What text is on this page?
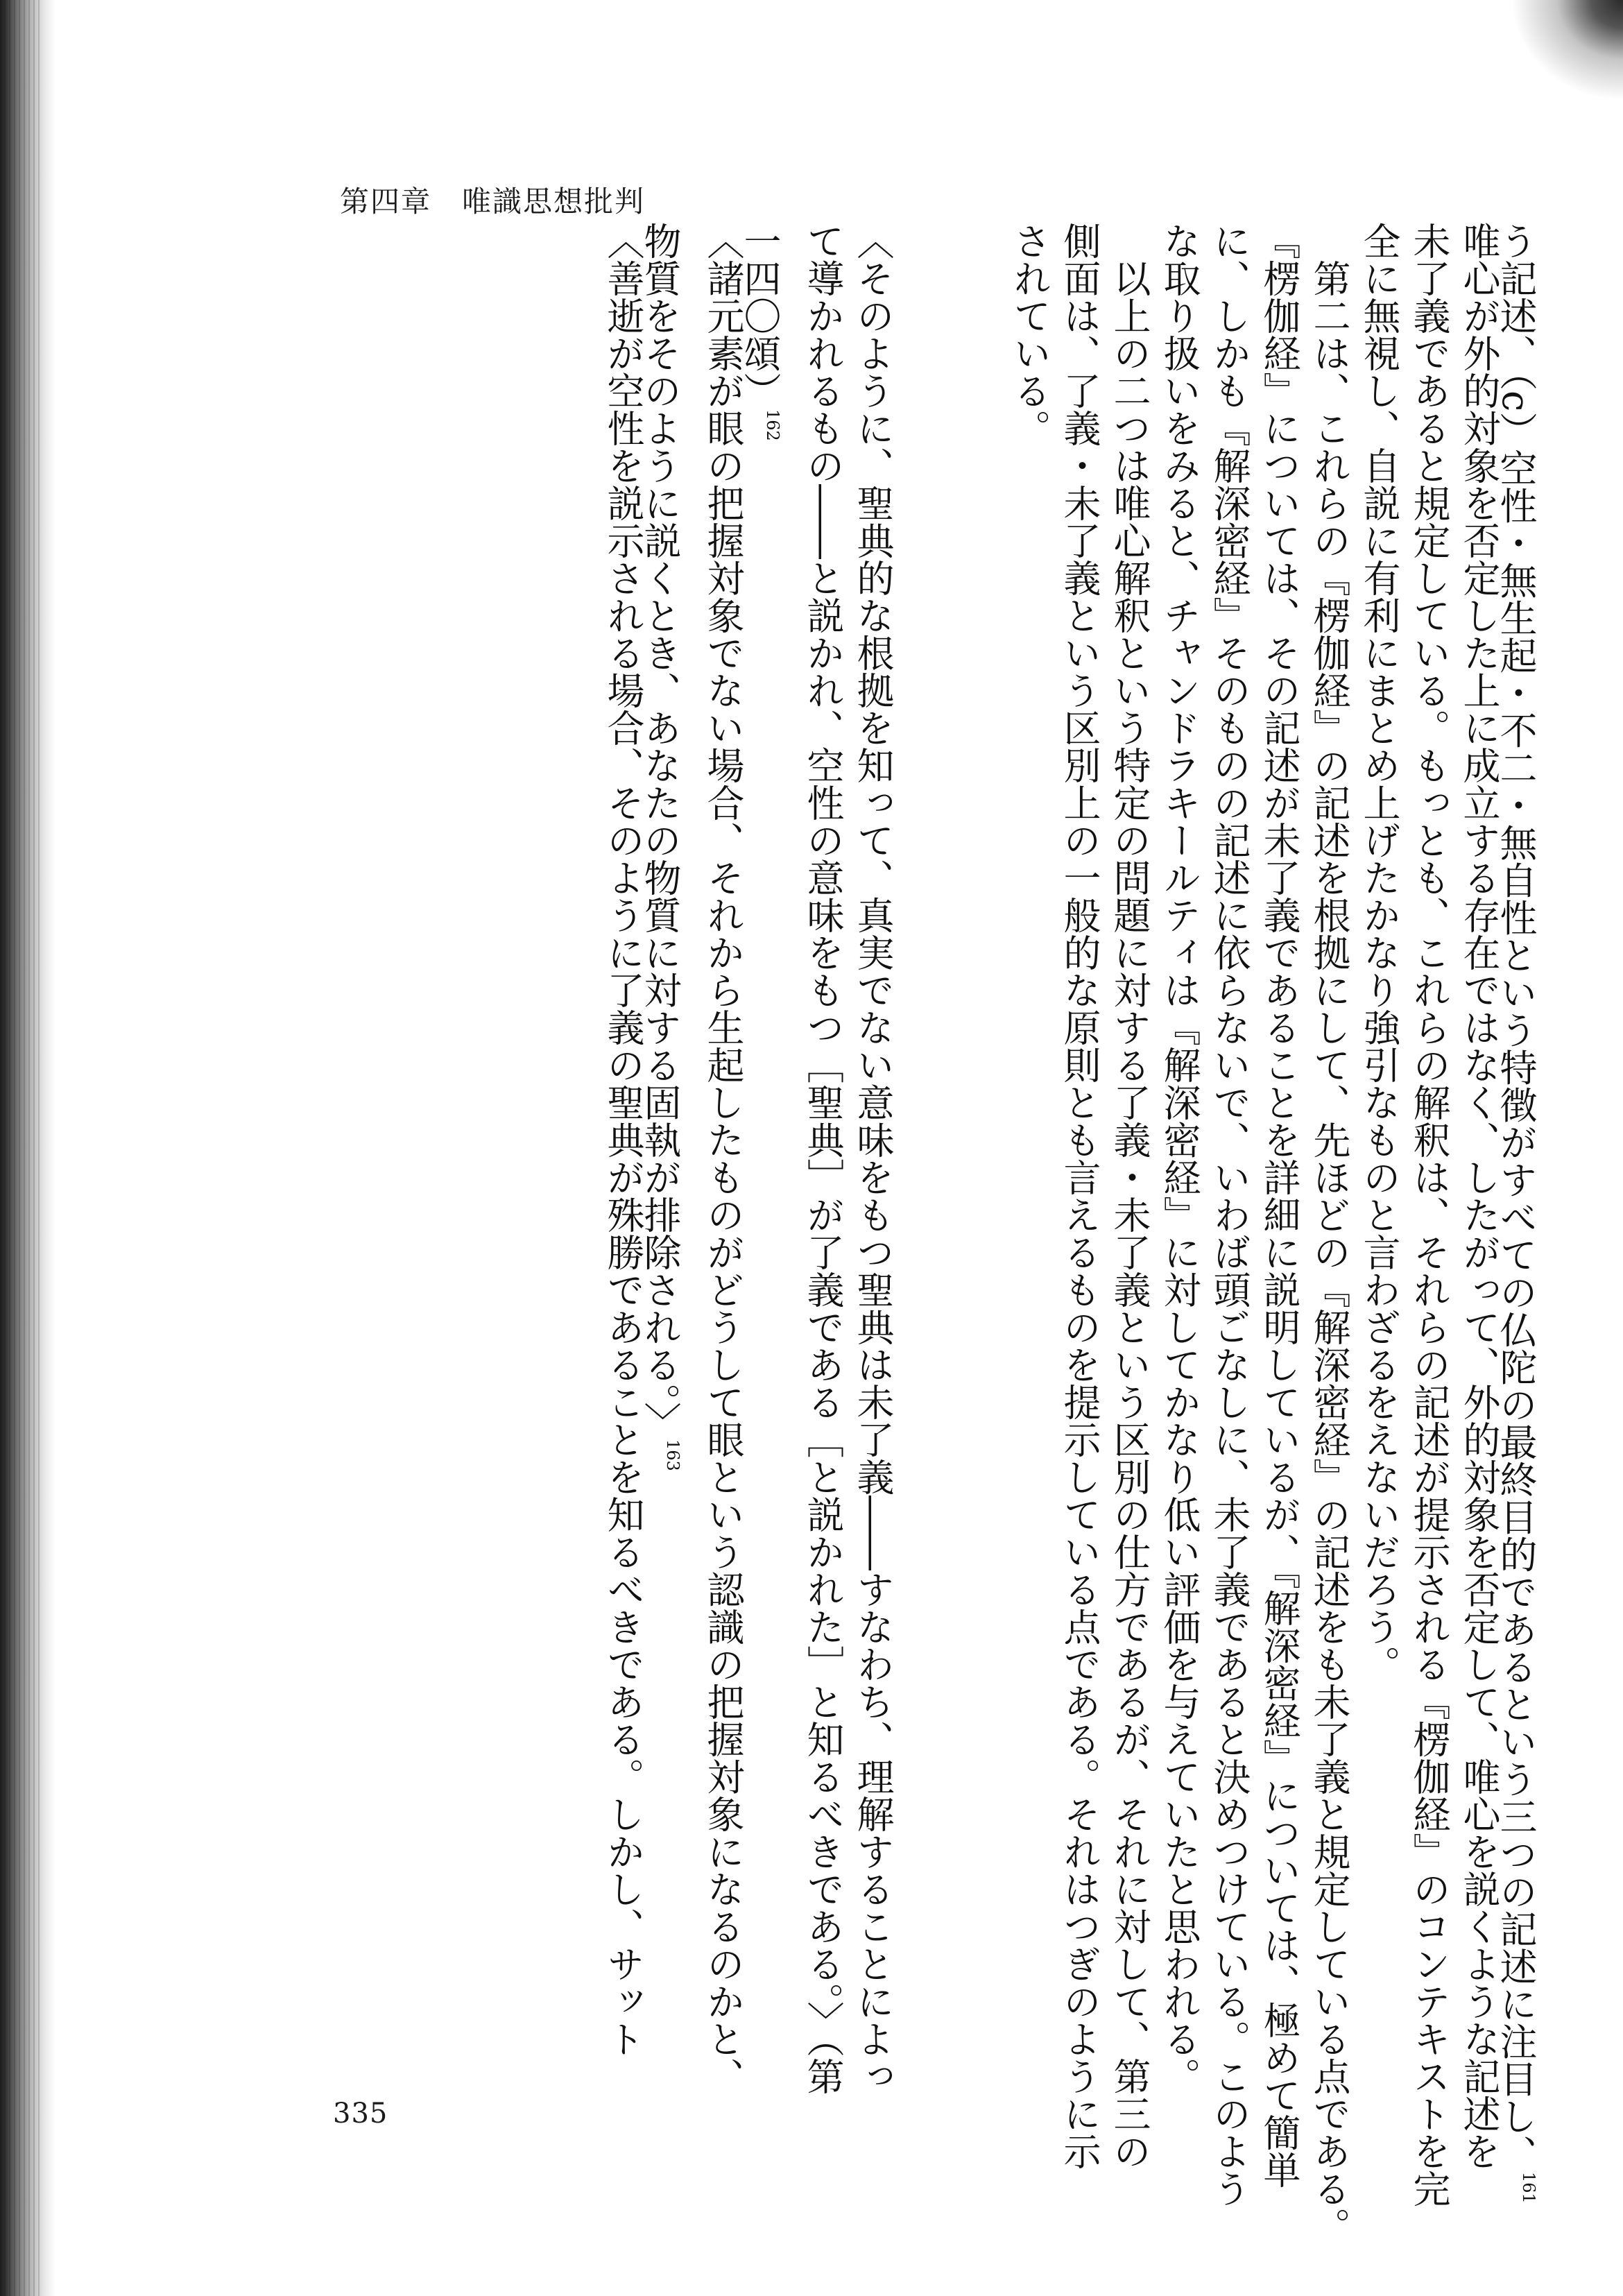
第四章　唯識思想批判
う記述、（c）空性・無生起・不二・無自性という特徴がすべての仏陀の最終目的であるという三つの記述に注目し、$^{161}$
唯心が外的対象を否定した上に成立する存在ではなく、したがって、外的対象を否定して、唯心を説くような記述を
未了義であると規定している。もっとも、これらの解釈は、それらの記述が提示される『楞伽経』のコンテキストを完
全に無視し、自説に有利にまとめ上げたかなり強引なものと言わざるをえないだろう。
　第二は、これらの『楞伽経』の記述を根拠にして、先ほどの『解深密経』の記述をも未了義と規定している点である。
『楞伽経』については、その記述が未了義であることを詳細に説明しているが、『解深密経』については、極めて簡単
に、しかも『解深密経』そのものの記述に依らないで、いわば頭ごなしに、未了義であると決めつけている。このよう
な取り扱いをみると、チャンドラキールティは『解深密経』に対してかなり低い評価を与えていたと思われる。
　以上の二つは唯心解釈という特定の問題に対する了義・未了義という区別の仕方であるが、それに対して、第三の
側面は、了義・未了義という区別上の一般的な原則とも言えるものを提示している点である。それはつぎのように示
されている。
〈そのように、聖典的な根拠を知って、真実でない意味をもつ聖典は未了義――すなわち、理解することによっ
て導かれるもの――と説かれ、空性の意味をもつ［聖典］が了義である［と説かれた］と知るべきである。〉（第
一四〇頌）$^{162}$
〈諸元素が眼の把握対象でない場合、それから生起したものがどうして眼という認識の把握対象になるのかと、
物質をそのように説くとき、あなたの物質に対する固執が排除される。〉$^{163}$
〈善逝が空性を説示される場合、そのように了義の聖典が殊勝であることを知るべきである。しかし、サット
335
